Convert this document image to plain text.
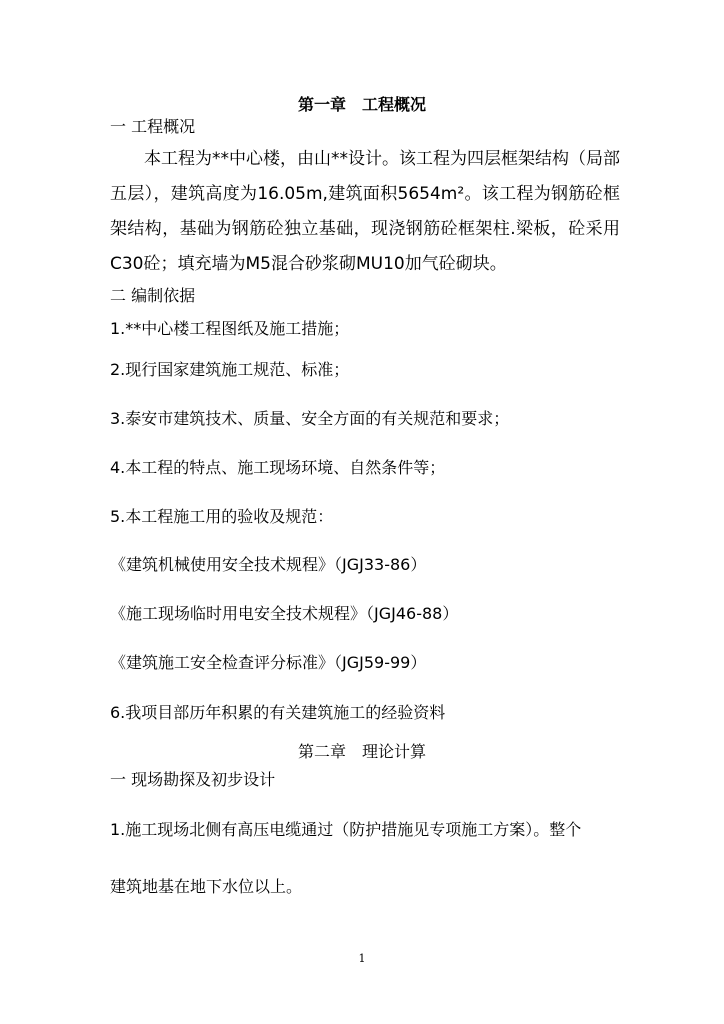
第一章　工程概况
一 工程概况
本工程为**中心楼，由山**设计。该工程为四层框架结构（局部五层），建筑高度为16.05m,建筑面积5654m²。该工程为钢筋砼框架结构，基础为钢筋砼独立基础，现浇钢筋砼框架柱.梁板，砼采用C30砼；填充墙为M5混合砂浆砌MU10加气砼砌块。
二 编制依据
1.**中心楼工程图纸及施工措施；
2.现行国家建筑施工规范、标准；
3.泰安市建筑技术、质量、安全方面的有关规范和要求；
4.本工程的特点、施工现场环境、自然条件等；
5.本工程施工用的验收及规范：
《建筑机械使用安全技术规程》（JGJ33-86）
《施工现场临时用电安全技术规程》（JGJ46-88）
《建筑施工安全检查评分标准》（JGJ59-99）
6.我项目部历年积累的有关建筑施工的经验资料
第二章　理论计算
一 现场勘探及初步设计
1.施工现场北侧有高压电缆通过（防护措施见专项施工方案）。整个
建筑地基在地下水位以上。
1
